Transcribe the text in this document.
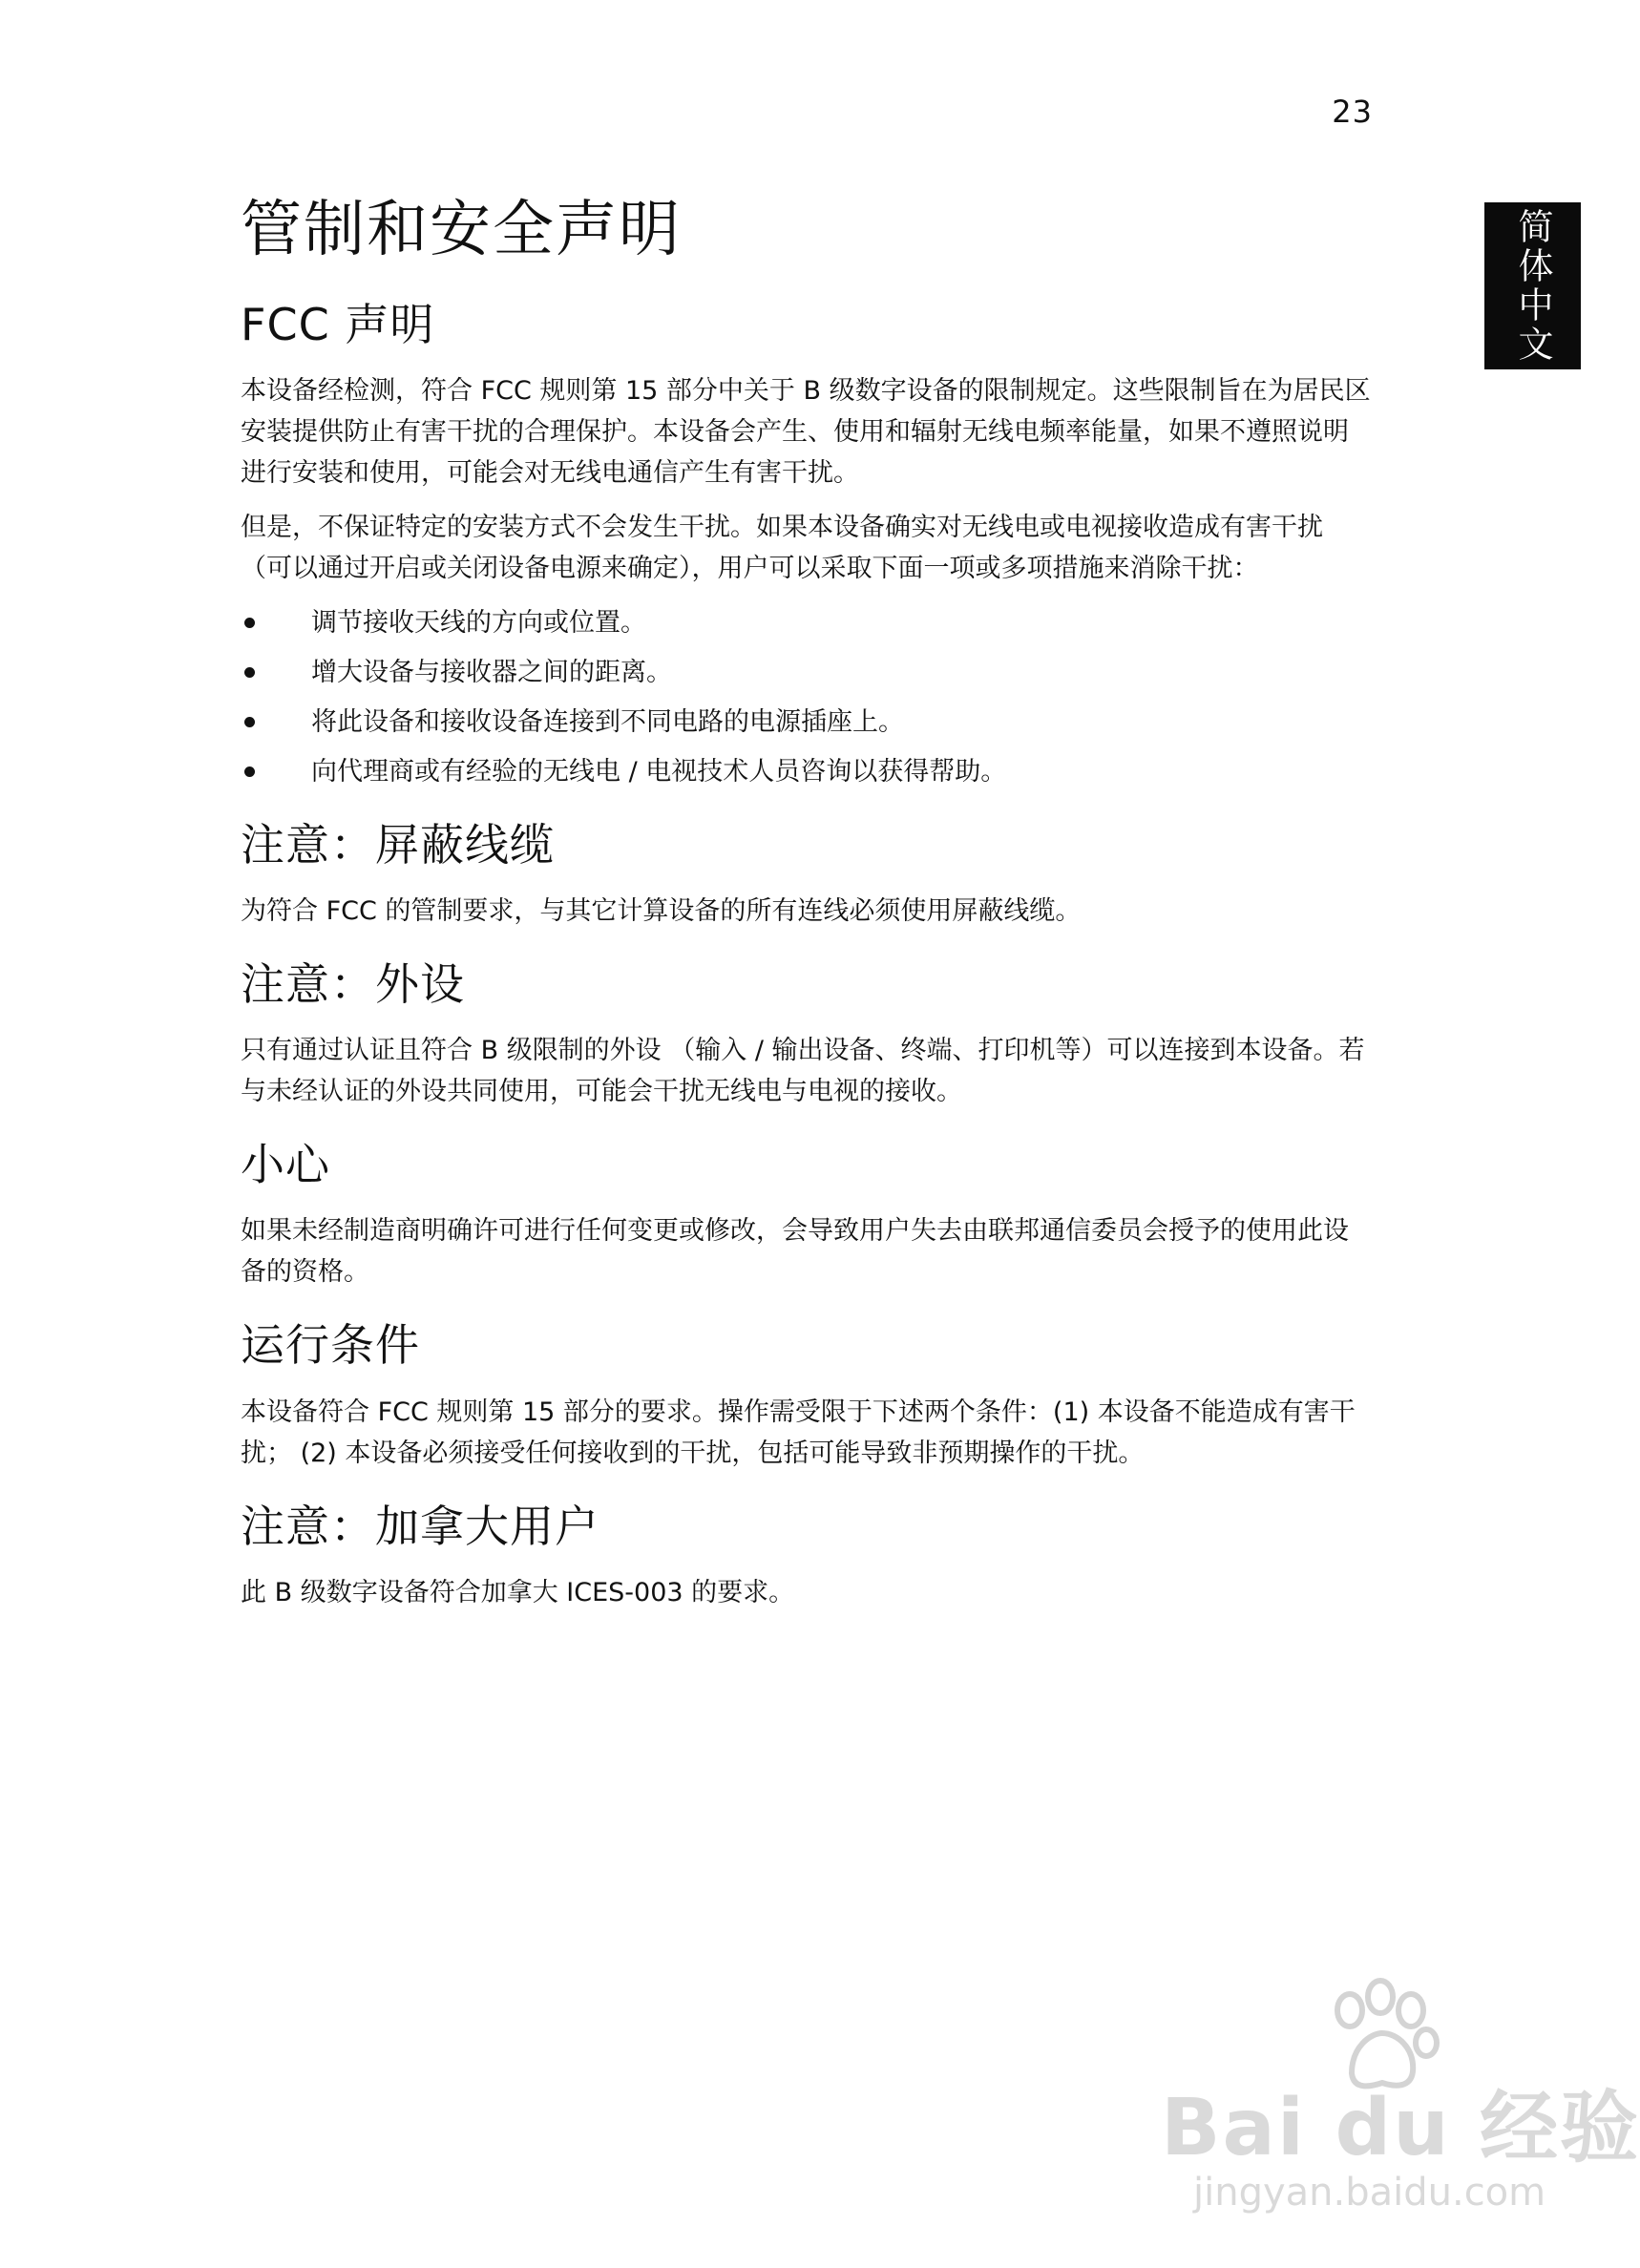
23
简体中文
管制和安全声明
FCC 声明

本设备经检测，符合 FCC 规则第 15 部分中关于 B 级数字设备的限制规定。这些限制旨在为居民区安装提供防止有害干扰的合理保护。本设备会产生、使用和辐射无线电频率能量，如果不遵照说明进行安装和使用，可能会对无线电通信产生有害干扰。

但是，不保证特定的安装方式不会发生干扰。如果本设备确实对无线电或电视接收造成有害干扰 （可以通过开启或关闭设备电源来确定），用户可以采取下面一项或多项措施来消除干扰：

调节接收天线的方向或位置。
增大设备与接收器之间的距离。
将此设备和接收设备连接到不同电路的电源插座上。
向代理商或有经验的无线电 / 电视技术人员咨询以获得帮助。
注意：屏蔽线缆

为符合 FCC 的管制要求，与其它计算设备的所有连线必须使用屏蔽线缆。

注意：外设

只有通过认证且符合 B 级限制的外设 （输入 / 输出设备、终端、打印机等）可以连接到本设备。若与未经认证的外设共同使用，可能会干扰无线电与电视的接收。

小心

如果未经制造商明确许可进行任何变更或修改，会导致用户失去由联邦通信委员会授予的使用此设备的资格。

运行条件

本设备符合 FCC 规则第 15 部分的要求。操作需受限于下述两个条件：(1) 本设备不能造成有害干扰； (2) 本设备必须接受任何接收到的干扰，包括可能导致非预期操作的干扰。

注意：加拿大用户

此 B 级数字设备符合加拿大 ICES-003 的要求。

Bai du 经验
jingyan.baidu.com
